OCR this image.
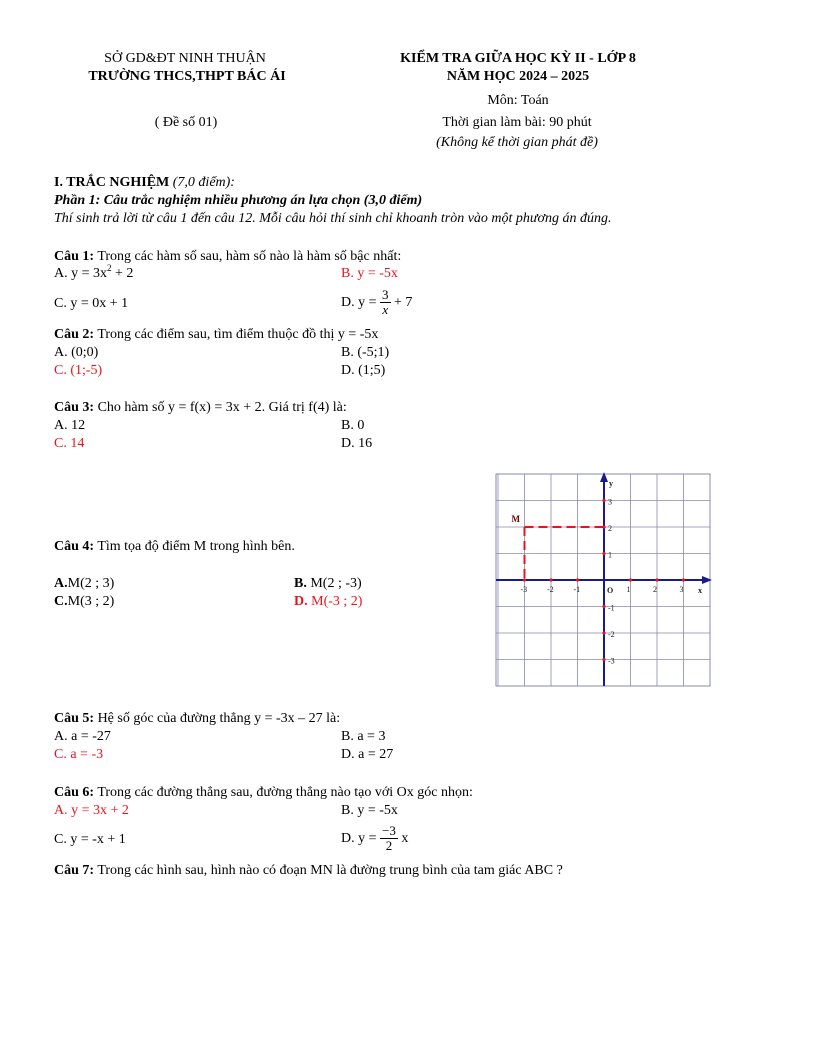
SỞ GD&ĐT NINH THUẬN
TRƯỜNG THCS,THPT BÁC ÁI
( Đề số 01)
KIỂM TRA GIỮA HỌC KỲ II - LỚP 8
NĂM HỌC 2024 – 2025
Môn: Toán
Thời gian làm bài: 90 phút
(Không kể thời gian phát đề)
I. TRẮC NGHIỆM (7,0 điểm):
Phần 1: Câu trắc nghiệm nhiều phương án lựa chọn (3,0 điểm)
Thí sinh trả lời từ câu 1 đến câu 12. Mỗi câu hỏi thí sinh chỉ khoanh tròn vào một phương án đúng.
Câu 1: Trong các hàm số sau, hàm số nào là hàm số bậc nhất:
A. $y = 3x^2 + 2$	B. y = -5x
C. y = 0x + 1	D. $y = \frac{3}{x} + 7$
Câu 2: Trong các điểm sau, tìm điểm thuộc đồ thị y = -5x
A. (0;0)	B. (-5;1)
C. (1;-5)	D. (1;5)
Câu 3: Cho hàm số y = f(x) = 3x + 2. Giá trị f(4) là:
A. 12	B. 0
C. 14	D. 16
Câu 4: Tìm tọa độ điểm M trong hình bên.
A.M(2 ; 3)	B. M(2 ; -3)
C.M(3 ; 2)	D. M(-3 ; 2)
-3 -2 -1	1	2	3
3
2
1
-1
-2
-3
O	x
y
M
Câu 5: Hệ số góc của đường thẳng y = -3x – 27 là:
A. a = -27	B. a = 3
C. a = -3	D. a = 27
Câu 6: Trong các đường thẳng sau, đường thẳng nào tạo với Ox góc nhọn:
A. y = 3x + 2	B. y = -5x
C. y = -x + 1	D. $y = \frac{-3}{2}$ x
Câu 7: Trong các hình sau, hình nào có đoạn MN là đường trung bình của tam giác ABC ?
